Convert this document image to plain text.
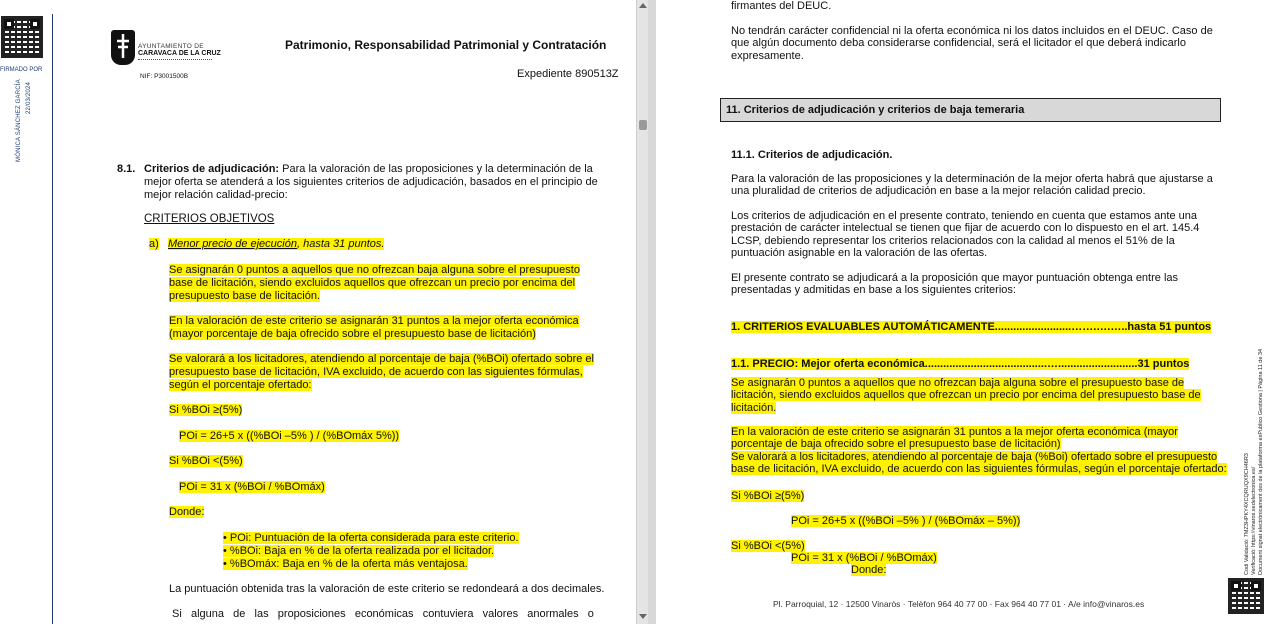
FIRMADO POR
MÓNICA SÁNCHEZ GARCÍA 22/03/2024
AYUNTAMIENTO DE
CARAVACA DE LA CRUZ
NIF: P3001500B
Patrimonio, Responsabilidad Patrimonial y Contratación
Expediente 890513Z
8.1. Criterios de adjudicación: Para la valoración de las proposiciones y la determinación de la
mejor oferta se atenderá a los siguientes criterios de adjudicación, basados en el principio de
mejor relación calidad-precio:
CRITERIOS OBJETIVOS
a) Menor precio de ejecución, hasta 31 puntos.
Se asignarán 0 puntos a aquellos que no ofrezcan baja alguna sobre el presupuesto
base de licitación, siendo excluidos aquellos que ofrezcan un precio por encima del
presupuesto base de licitación.
En la valoración de este criterio se asignarán 31 puntos a la mejor oferta económica
(mayor porcentaje de baja ofrecido sobre el presupuesto base de licitación)
Se valorará a los licitadores, atendiendo al porcentaje de baja (%BOi) ofertado sobre el
presupuesto base de licitación, IVA excluido, de acuerdo con las siguientes fórmulas,
según el porcentaje ofertado:
Si %BOi ≥(5%)
POi = 26+5 x ((%BOi –5% ) / (%BOmáx 5%))
Si %BOi <(5%)
POi = 31 x (%BOi / %BOmáx)
Donde:
• POi: Puntuación de la oferta considerada para este criterio.
• %BOi: Baja en % de la oferta realizada por el licitador.
• %BOmáx: Baja en % de la oferta más ventajosa.
La puntuación obtenida tras la valoración de este criterio se redondeará a dos decimales.
Si   alguna   de   las   proposiciones   económicas   contuviera   valores   anormales   o
firmantes del DEUC.
No tendrán carácter confidencial ni la oferta económica ni los datos incluidos en el DEUC. Caso de
que algún documento deba considerarse confidencial, será el licitador el que deberá indicarlo
expresamente.
11. Criterios de adjudicación y criterios de baja temeraria
11.1. Criterios de adjudicación.
Para la valoración de las proposiciones y la determinación de la mejor oferta habrá que ajustarse a
una pluralidad de criterios de adjudicación en base a la mejor relación calidad precio.
Los criterios de adjudicación en el presente contrato, teniendo en cuenta que estamos ante una
prestación de carácter intelectual se tienen que fijar de acuerdo con lo dispuesto en el art. 145.4
LCSP, debiendo representar los criterios relacionados con la calidad al menos el 51% de la
puntuación asignable en la valoración de las ofertas.
El presente contrato se adjudicará a la proposición que mayor puntuación obtenga entre las
presentadas y admitidas en base a los siguientes criterios:
1. CRITERIOS EVALUABLES AUTOMÁTICAMENTE.........................…….….…..hasta 51 puntos
1.1. PRECIO: Mejor oferta económica........................................…..........................31 puntos
Se asignarán 0 puntos a aquellos que no ofrezcan baja alguna sobre el presupuesto base de
licitación, siendo excluidos aquellos que ofrezcan un precio por encima del presupuesto base de
licitación.
En la valoración de este criterio se asignarán 31 puntos a la mejor oferta económica (mayor
porcentaje de baja ofrecido sobre el presupuesto base de licitación)
Se valorará a los licitadores, atendiendo al porcentaje de baja (%Boi) ofertado sobre el presupuesto
base de licitación, IVA excluido, de acuerdo con las siguientes fórmulas, según el porcentaje ofertado:
Si %BOi ≥(5%)
POi = 26+5 x ((%BOi –5% ) / (%BOmáx – 5%))
Si %BOi <(5%)
POi = 31 x (%BOi / %BOmáx)
Donde:
Pl. Parroquial, 12 · 12500 Vinaròs · Telèfon 964 40 77 00 · Fax 964 40 77 01 · A/e info@vinaros.es
Codi Validació: 7MZ3HPKY4XCQRUQX9CH46R3 Verificació: https://vinaros.sedelectronica.es/ Document signat electrònicament des de la plataforma esPublico Gestiona | Pàgina 11 de 34
